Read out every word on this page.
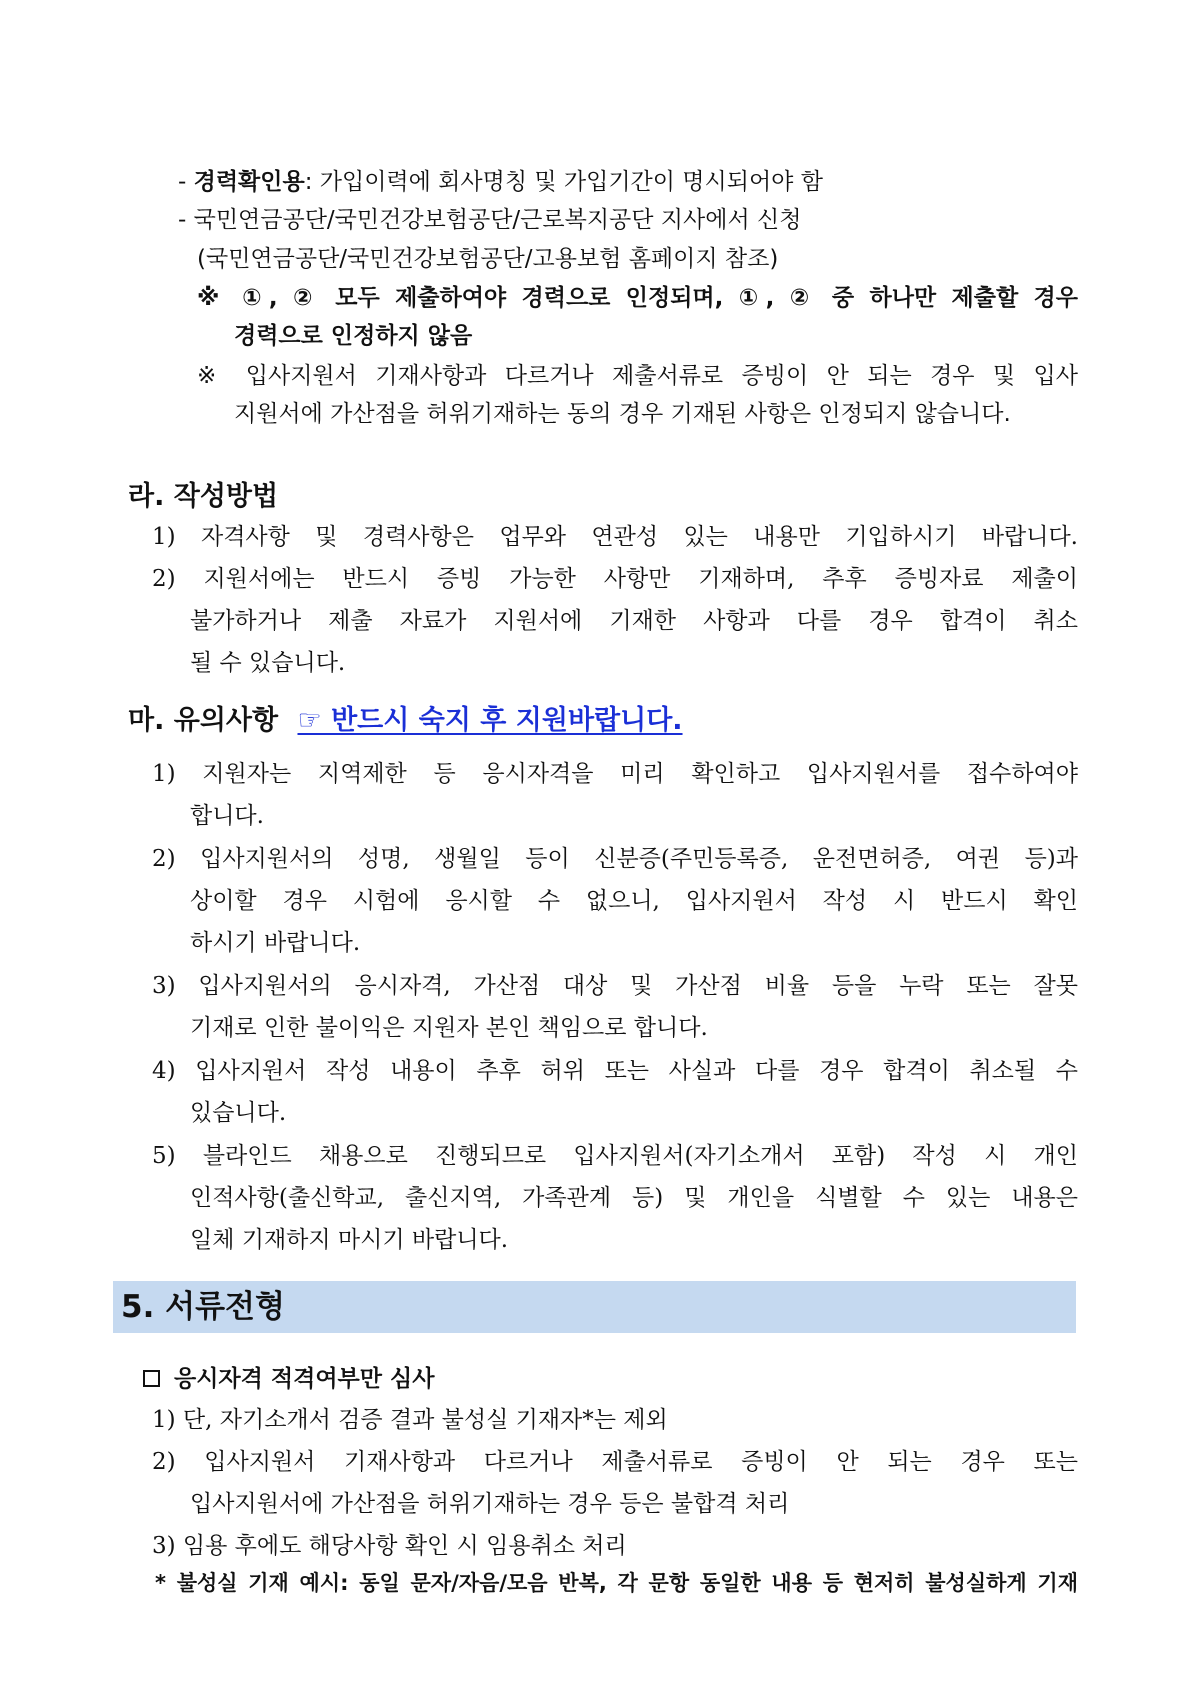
- 경력확인용: 가입이력에 회사명칭 및 가입기간이 명시되어야 함
- 국민연금공단/국민건강보험공단/근로복지공단 지사에서 신청
(국민연금공단/국민건강보험공단/고용보험 홈페이지 참조)
※ ①, ② 모두 제출하여야 경력으로 인정되며, ①, ② 중 하나만 제출할 경우
경력으로 인정하지 않음
※ 입사지원서 기재사항과 다르거나 제출서류로 증빙이 안 되는 경우 및 입사
지원서에 가산점을 허위기재하는 동의 경우 기재된 사항은 인정되지 않습니다.
라. 작성방법
1) 자격사항 및 경력사항은 업무와 연관성 있는 내용만 기입하시기 바랍니다.
2) 지원서에는 반드시 증빙 가능한 사항만 기재하며, 추후 증빙자료 제출이
불가하거나 제출 자료가 지원서에 기재한 사항과 다를 경우 합격이 취소
될 수 있습니다.
마. 유의사항 ☞ 반드시 숙지 후 지원바랍니다.
1) 지원자는 지역제한 등 응시자격을 미리 확인하고 입사지원서를 접수하여야
합니다.
2) 입사지원서의 성명, 생월일 등이 신분증(주민등록증, 운전면허증, 여권 등)과
상이할 경우 시험에 응시할 수 없으니, 입사지원서 작성 시 반드시 확인
하시기 바랍니다.
3) 입사지원서의 응시자격, 가산점 대상 및 가산점 비율 등을 누락 또는 잘못
기재로 인한 불이익은 지원자 본인 책임으로 합니다.
4) 입사지원서 작성 내용이 추후 허위 또는 사실과 다를 경우 합격이 취소될 수
있습니다.
5) 블라인드 채용으로 진행되므로 입사지원서(자기소개서 포함) 작성 시 개인
인적사항(출신학교, 출신지역, 가족관계 등) 및 개인을 식별할 수 있는 내용은
일체 기재하지 마시기 바랍니다.
5. 서류전형
응시자격 적격여부만 심사
1) 단, 자기소개서 검증 결과 불성실 기재자*는 제외
2) 입사지원서 기재사항과 다르거나 제출서류로 증빙이 안 되는 경우 또는
입사지원서에 가산점을 허위기재하는 경우 등은 불합격 처리
3) 임용 후에도 해당사항 확인 시 임용취소 처리
* 불성실 기재 예시: 동일 문자/자음/모음 반복, 각 문항 동일한 내용 등 현저히 불성실하게 기재
